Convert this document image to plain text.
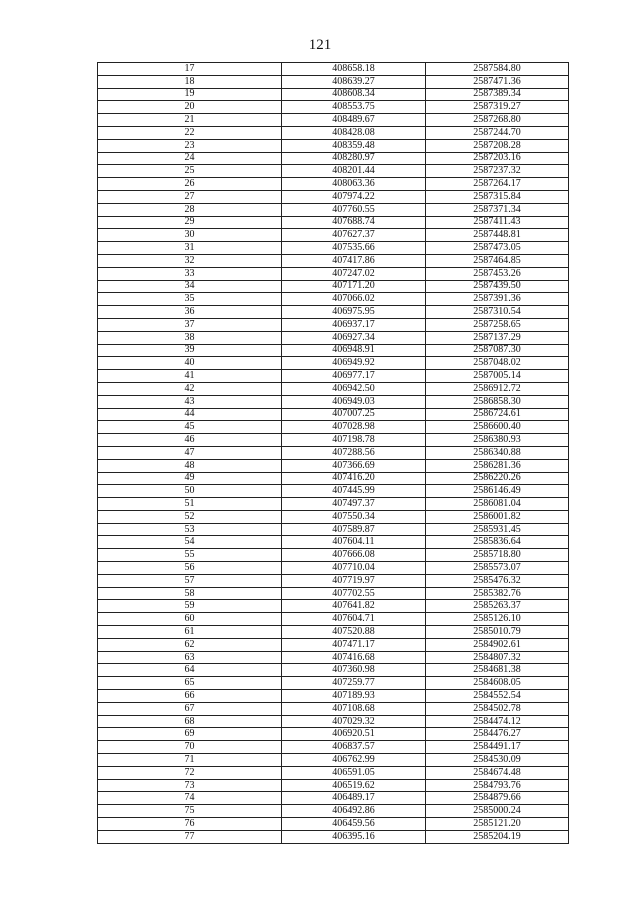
121
17	408658.18	2587584.80
18	408639.27	2587471.36
19	408608.34	2587389.34
20	408553.75	2587319.27
21	408489.67	2587268.80
22	408428.08	2587244.70
23	408359.48	2587208.28
24	408280.97	2587203.16
25	408201.44	2587237.32
26	408063.36	2587264.17
27	407974.22	2587315.84
28	407760.55	2587371.34
29	407688.74	2587411.43
30	407627.37	2587448.81
31	407535.66	2587473.05
32	407417.86	2587464.85
33	407247.02	2587453.26
34	407171.20	2587439.50
35	407066.02	2587391.36
36	406975.95	2587310.54
37	406937.17	2587258.65
38	406927.34	2587137.29
39	406948.91	2587087.30
40	406949.92	2587048.02
41	406977.17	2587005.14
42	406942.50	2586912.72
43	406949.03	2586858.30
44	407007.25	2586724.61
45	407028.98	2586600.40
46	407198.78	2586380.93
47	407288.56	2586340.88
48	407366.69	2586281.36
49	407416.20	2586220.26
50	407445.99	2586146.49
51	407497.37	2586081.04
52	407550.34	2586001.82
53	407589.87	2585931.45
54	407604.11	2585836.64
55	407666.08	2585718.80
56	407710.04	2585573.07
57	407719.97	2585476.32
58	407702.55	2585382.76
59	407641.82	2585263.37
60	407604.71	2585126.10
61	407520.88	2585010.79
62	407471.17	2584902.61
63	407416.68	2584807.32
64	407360.98	2584681.38
65	407259.77	2584608.05
66	407189.93	2584552.54
67	407108.68	2584502.78
68	407029.32	2584474.12
69	406920.51	2584476.27
70	406837.57	2584491.17
71	406762.99	2584530.09
72	406591.05	2584674.48
73	406519.62	2584793.76
74	406489.17	2584879.66
75	406492.86	2585000.24
76	406459.56	2585121.20
77	406395.16	2585204.19
